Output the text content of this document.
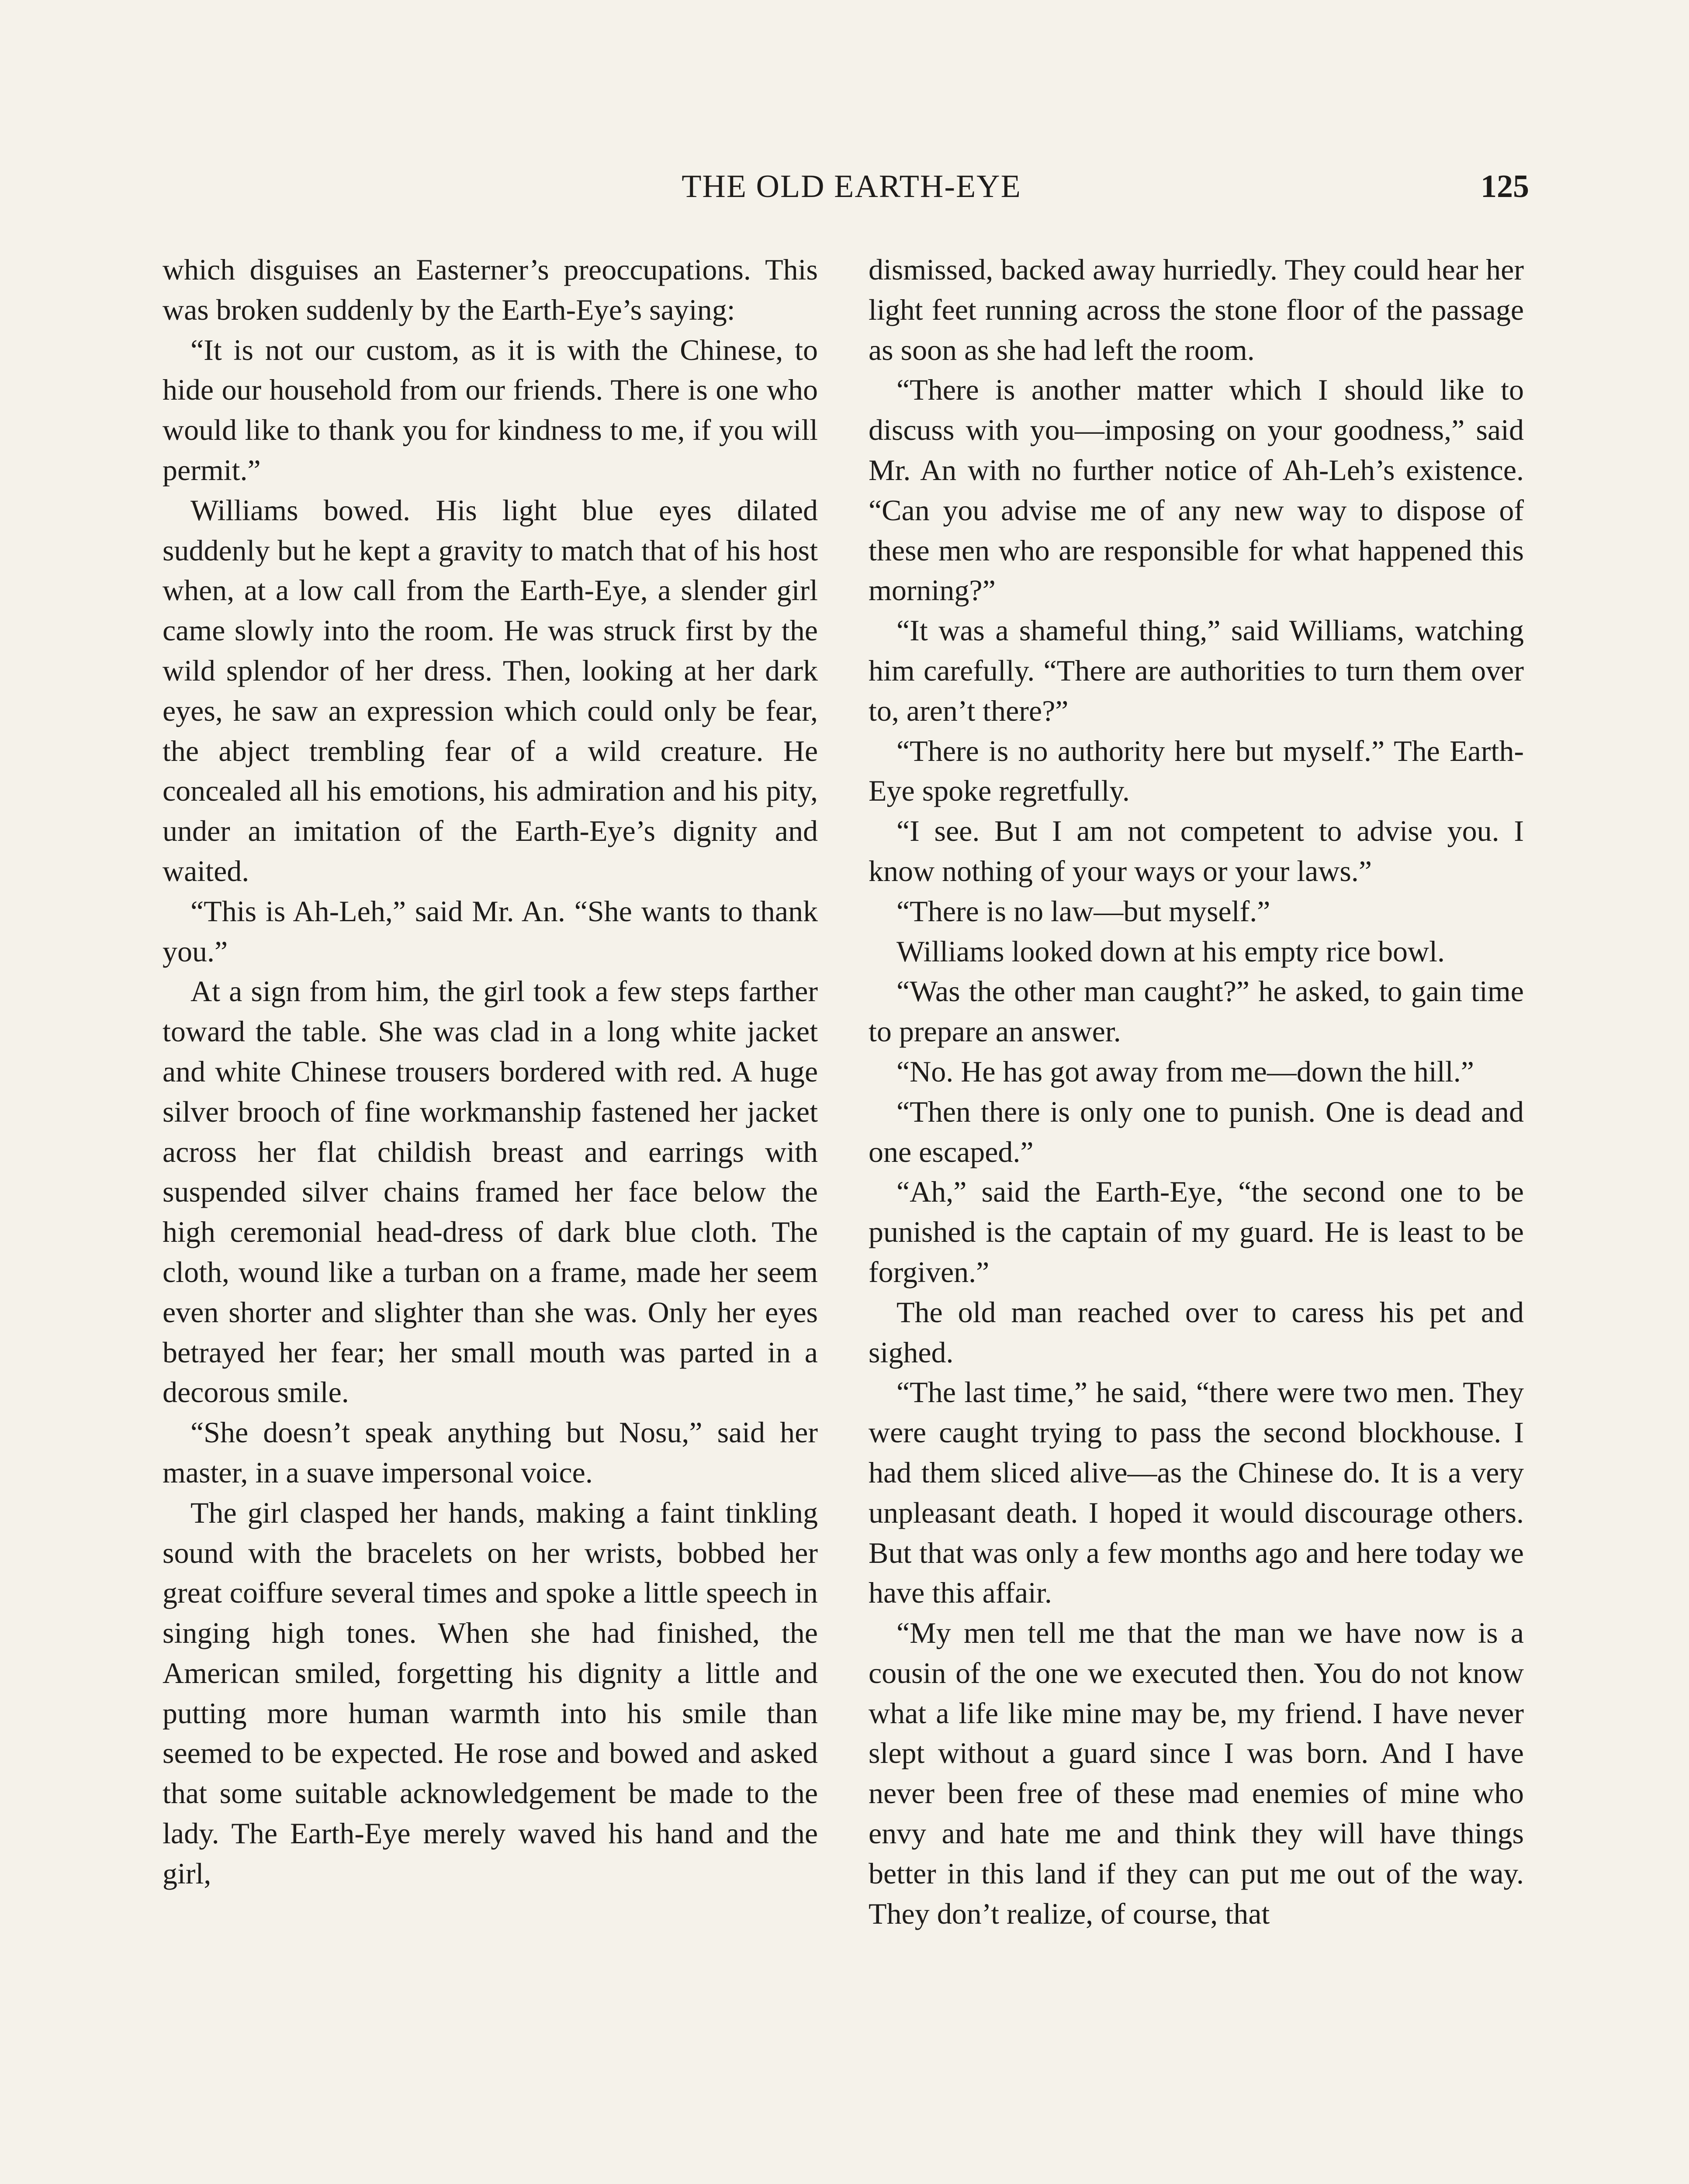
THE OLD EARTH-EYE	125

which disguises an Easterner’s preoccupations. This was broken suddenly by the Earth-Eye’s saying:

“It is not our custom, as it is with the Chinese, to hide our household from our friends. There is one who would like to thank you for kindness to me, if you will permit.”

Williams bowed. His light blue eyes dilated suddenly but he kept a gravity to match that of his host when, at a low call from the Earth-Eye, a slender girl came slowly into the room. He was struck first by the wild splendor of her dress. Then, looking at her dark eyes, he saw an expression which could only be fear, the abject trembling fear of a wild creature. He concealed all his emotions, his admiration and his pity, under an imitation of the Earth-Eye’s dignity and waited.

“This is Ah-Leh,” said Mr. An. “She wants to thank you.”

At a sign from him, the girl took a few steps farther toward the table. She was clad in a long white jacket and white Chinese trousers bordered with red. A huge silver brooch of fine workmanship fastened her jacket across her flat childish breast and earrings with suspended silver chains framed her face below the high ceremonial head-dress of dark blue cloth. The cloth, wound like a turban on a frame, made her seem even shorter and slighter than she was. Only her eyes betrayed her fear; her small mouth was parted in a decorous smile.

“She doesn’t speak anything but Nosu,” said her master, in a suave impersonal voice.

The girl clasped her hands, making a faint tinkling sound with the bracelets on her wrists, bobbed her great coiffure several times and spoke a little speech in singing high tones. When she had finished, the American smiled, forgetting his dignity a little and putting more human warmth into his smile than seemed to be expected. He rose and bowed and asked that some suitable acknowledgement be made to the lady. The Earth-Eye merely waved his hand and the girl,

dismissed, backed away hurriedly. They could hear her light feet running across the stone floor of the passage as soon as she had left the room.

“There is another matter which I should like to discuss with you—imposing on your goodness,” said Mr. An with no further notice of Ah-Leh’s existence. “Can you advise me of any new way to dispose of these men who are responsible for what happened this morning?”

“It was a shameful thing,” said Williams, watching him carefully. “There are authorities to turn them over to, aren’t there?”

“There is no authority here but myself.” The Earth-Eye spoke regretfully.

“I see. But I am not competent to advise you. I know nothing of your ways or your laws.”

“There is no law—but myself.”

Williams looked down at his empty rice bowl.

“Was the other man caught?” he asked, to gain time to prepare an answer.

“No. He has got away from me—down the hill.”

“Then there is only one to punish. One is dead and one escaped.”

“Ah,” said the Earth-Eye, “the second one to be punished is the captain of my guard. He is least to be forgiven.”

The old man reached over to caress his pet and sighed.

“The last time,” he said, “there were two men. They were caught trying to pass the second blockhouse. I had them sliced alive—as the Chinese do. It is a very unpleasant death. I hoped it would discourage others. But that was only a few months ago and here today we have this affair.

“My men tell me that the man we have now is a cousin of the one we executed then. You do not know what a life like mine may be, my friend. I have never slept without a guard since I was born. And I have never been free of these mad enemies of mine who envy and hate me and think they will have things better in this land if they can put me out of the way. They don’t realize, of course, that
